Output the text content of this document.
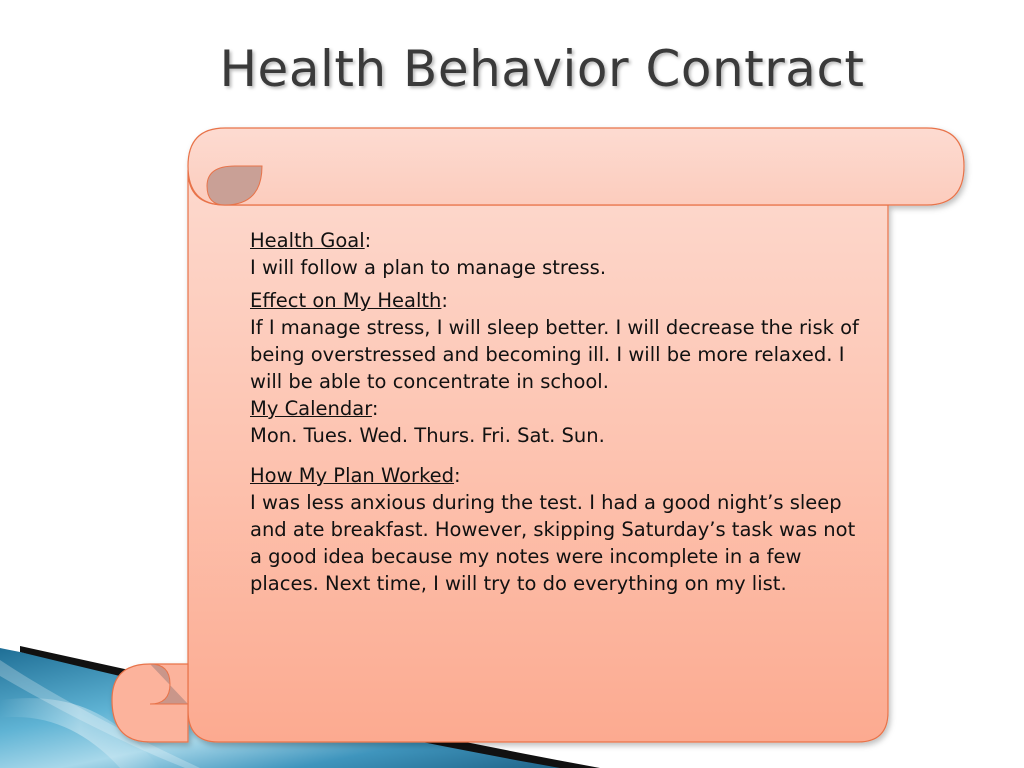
Health Behavior Contract
Health Goal:
I will follow a plan to manage stress.
Effect on My Health:
If I manage stress, I will sleep better. I will decrease the risk of being overstressed and becoming ill. I will be more relaxed. I will be able to concentrate in school.
My Calendar:
Mon. Tues. Wed. Thurs. Fri. Sat. Sun.
How My Plan Worked:
I was less anxious during the test. I had a good night’s sleep and ate breakfast. However, skipping Saturday’s task was not a good idea because my notes were incomplete in a few places. Next time, I will try to do everything on my list.
